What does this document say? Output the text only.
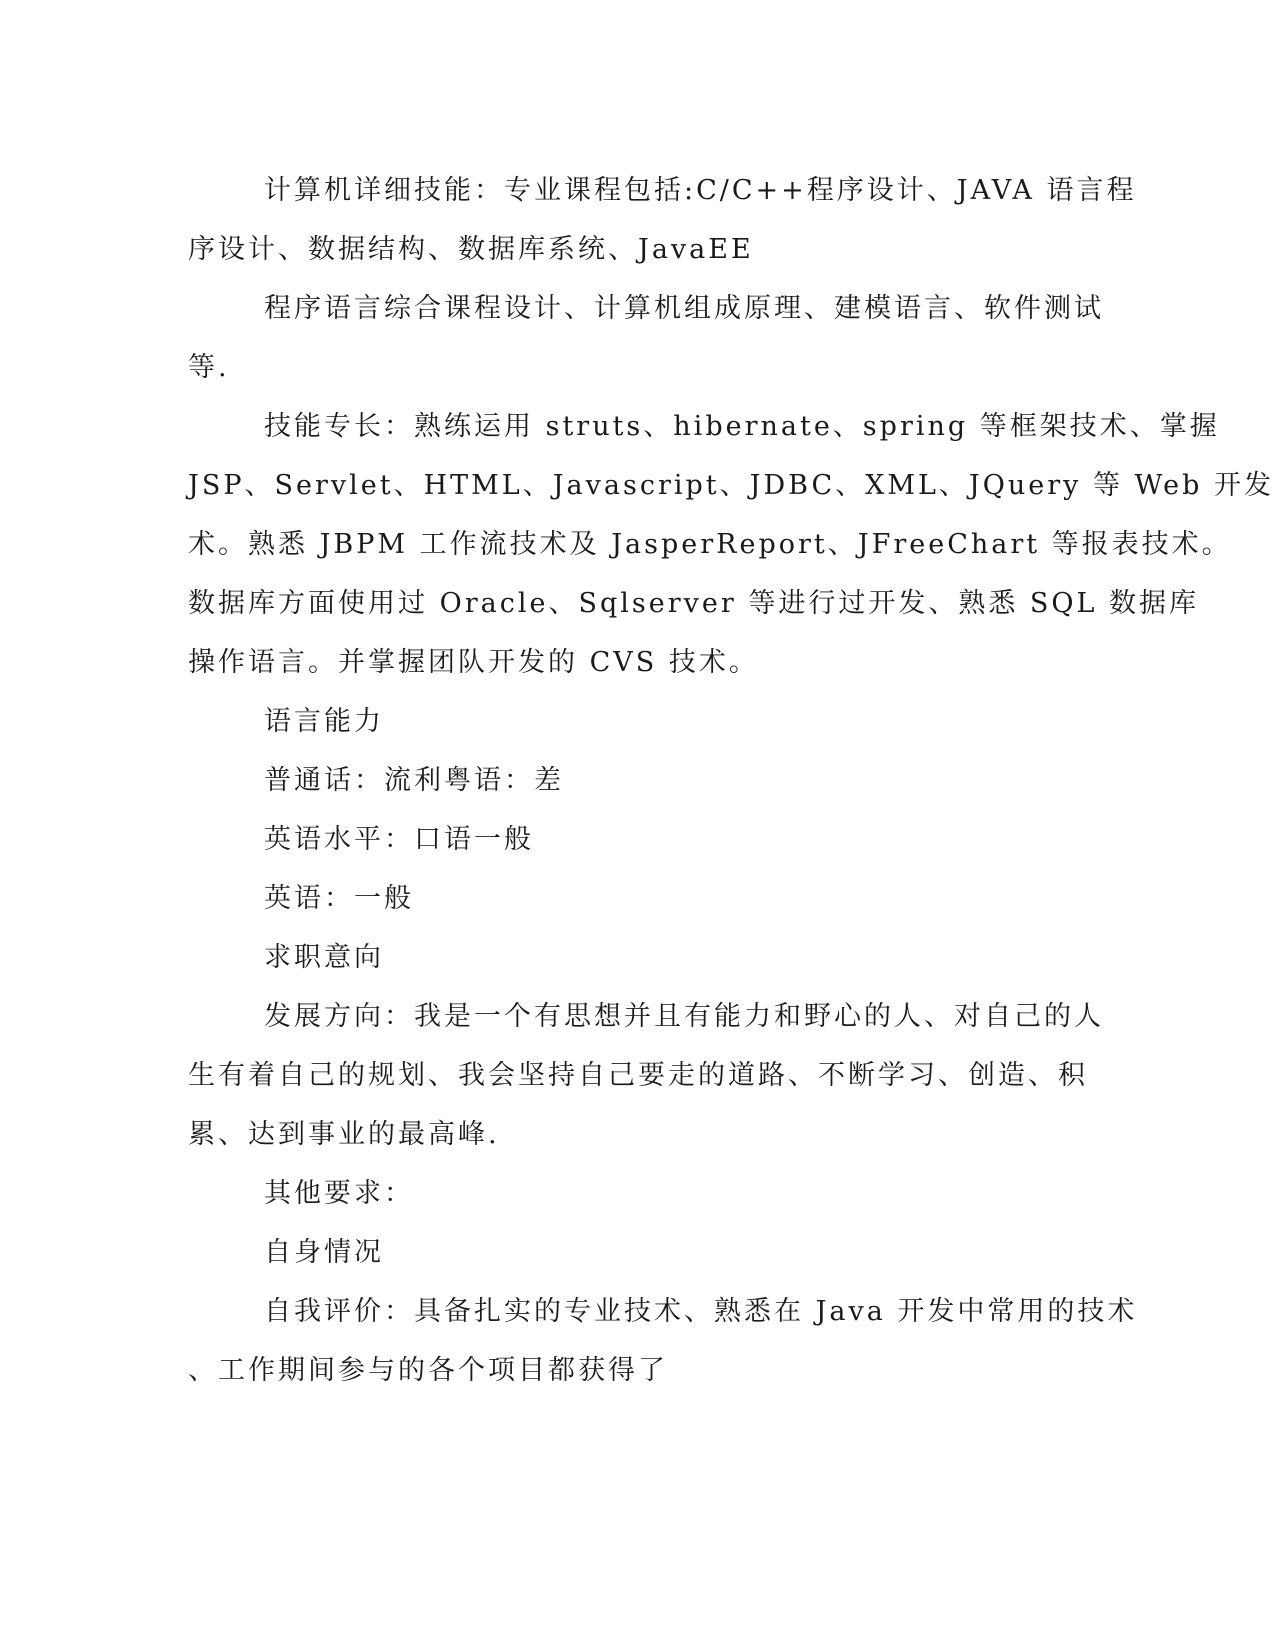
计算机详细技能：专业课程包括:C/C++程序设计、JAVA 语言程
序设计、数据结构、数据库系统、JavaEE
程序语言综合课程设计、计算机组成原理、建模语言、软件测试
等.
技能专长：熟练运用 struts、hibernate、spring 等框架技术、掌握
JSP、Servlet、HTML、Javascript、JDBC、XML、JQuery 等 Web 开发
术。熟悉 JBPM 工作流技术及 JasperReport、JFreeChart 等报表技术。
数据库方面使用过 Oracle、Sqlserver 等进行过开发、熟悉 SQL 数据库
操作语言。并掌握团队开发的 CVS 技术。
语言能力
普通话：流利粤语：差
英语水平：口语一般
英语：一般
求职意向
发展方向：我是一个有思想并且有能力和野心的人、对自己的人
生有着自己的规划、我会坚持自己要走的道路、不断学习、创造、积
累、达到事业的最高峰.
其他要求：
自身情况
自我评价：具备扎实的专业技术、熟悉在 Java 开发中常用的技术
、工作期间参与的各个项目都获得了
